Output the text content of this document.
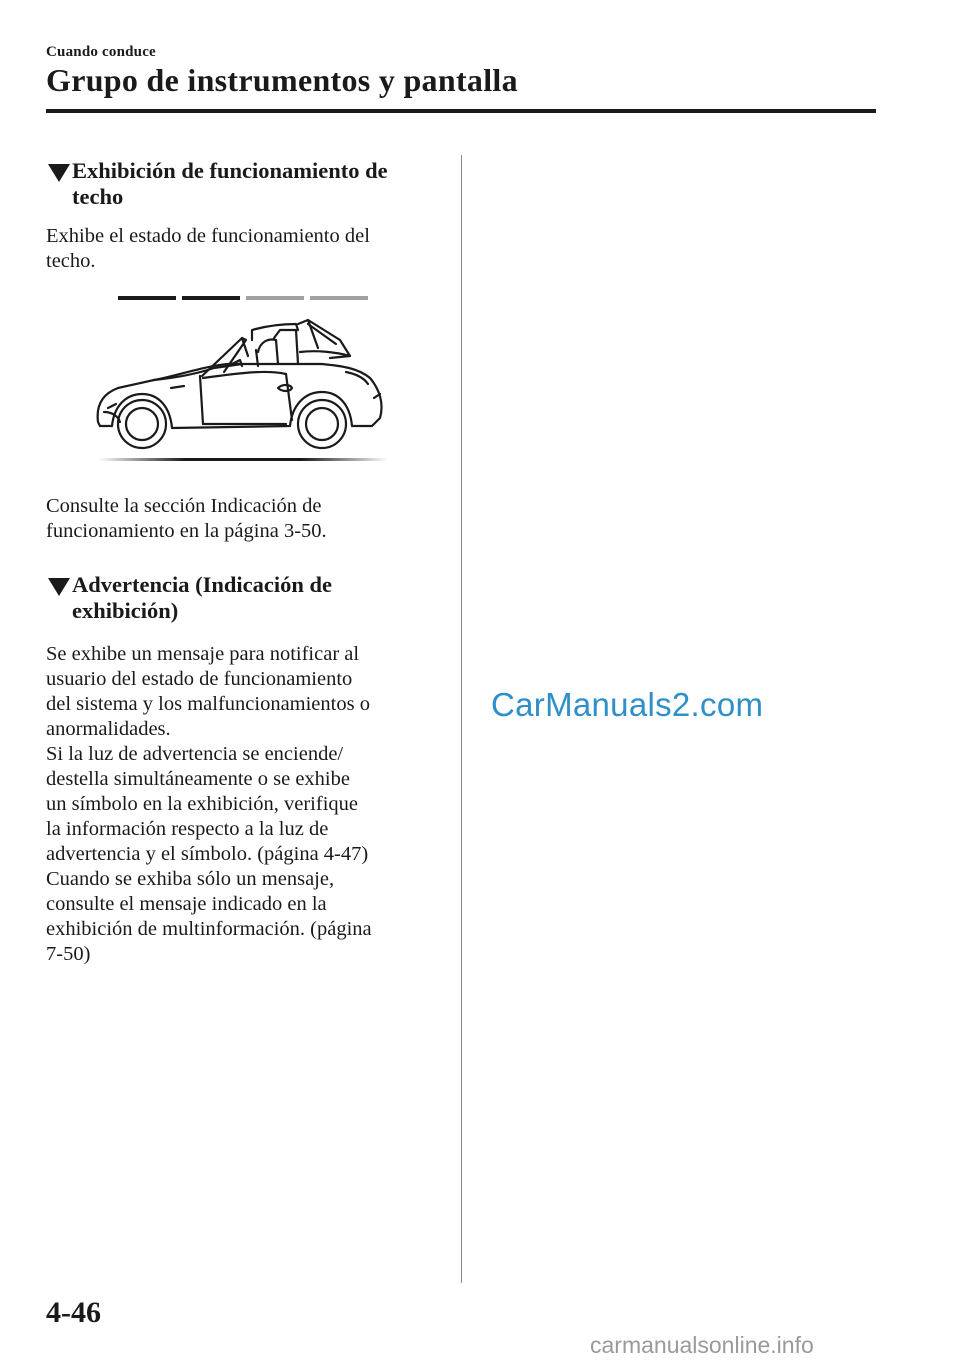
Cuando conduce
Grupo de instrumentos y pantalla
Exhibición de funcionamiento de
techo

Exhibe el estado de funcionamiento del
techo.

Consulte la sección Indicación de
funcionamiento en la página 3-50.

Advertencia (Indicación de
exhibición)

Se exhibe un mensaje para notificar al
usuario del estado de funcionamiento
del sistema y los malfuncionamientos o
anormalidades.
Si la luz de advertencia se enciende/
destella simultáneamente o se exhibe
un símbolo en la exhibición, verifique
la información respecto a la luz de
advertencia y el símbolo. (página 4-47)
Cuando se exhiba sólo un mensaje,
consulte el mensaje indicado en la
exhibición de multinformación. (página
7-50)

CarManuals2.com
4-46
carmanualsonline.info
